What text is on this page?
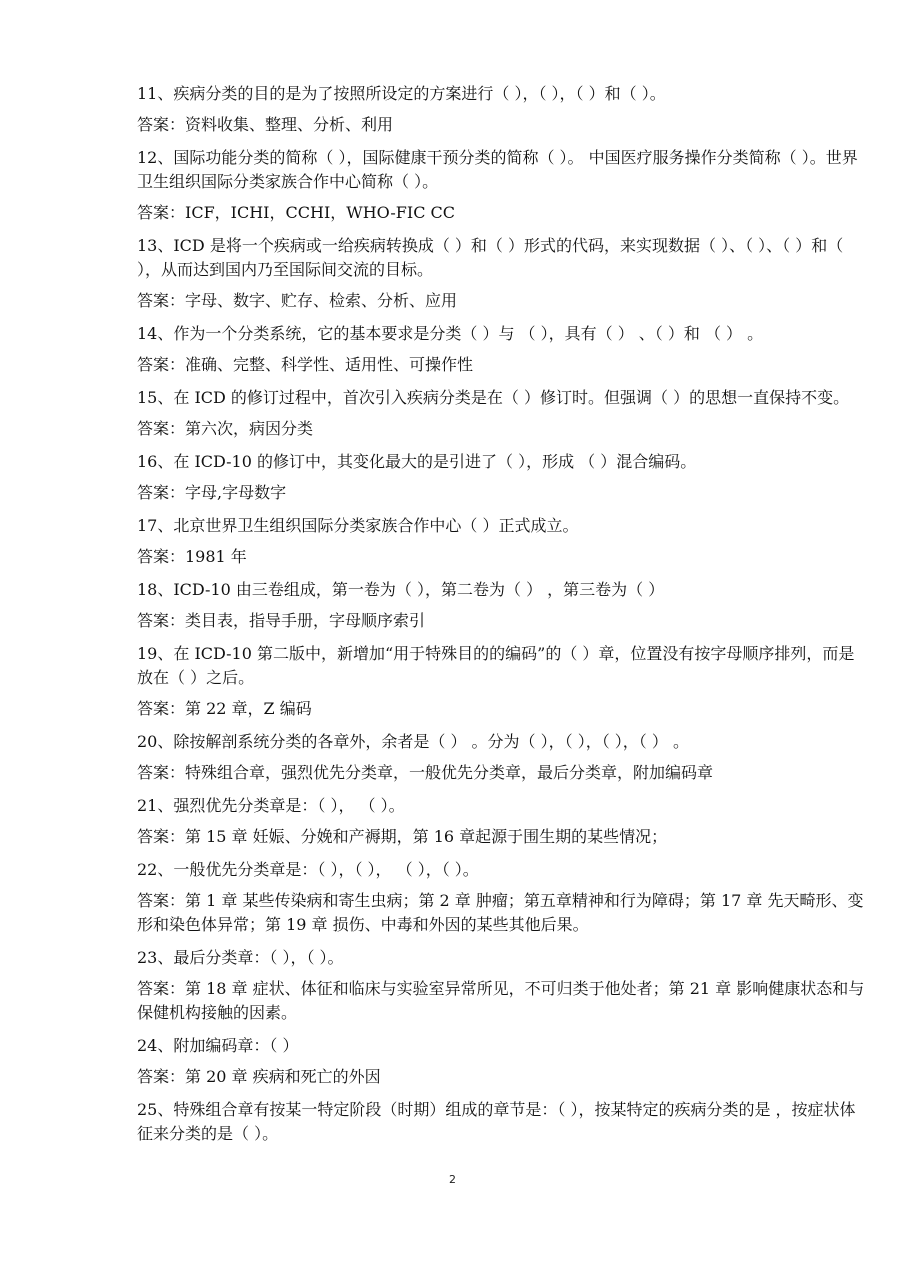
11、疾病分类的目的是为了按照所设定的方案进行（ ），（ ），（ ）和（ ）。

答案：资料收集、整理、分析、利用

12、国际功能分类的简称（ ），国际健康干预分类的简称（ ）。 中国医疗服务操作分类简称（ ）。世界卫生组织国际分类家族合作中心简称（ ）。

答案：ICF，ICHI，CCHI，WHO-FIC CC

13、ICD 是将一个疾病或一给疾病转换成（ ）和（ ）形式的代码，来实现数据（ ）、（ ）、（ ）和（ ），从而达到国内乃至国际间交流的目标。

答案：字母、数字、贮存、检索、分析、应用

14、作为一个分类系统，它的基本要求是分类（ ）与 （ ），具有（ ） 、（ ）和 （ ） 。

答案：准确、完整、科学性、适用性、可操作性

15、在 ICD 的修订过程中，首次引入疾病分类是在（ ）修订时。但强调（ ）的思想一直保持不变。

答案：第六次，病因分类

16、在 ICD-10 的修订中，其变化最大的是引进了（ ），形成 （ ）混合编码。

答案：字母,字母数字

17、北京世界卫生组织国际分类家族合作中心（ ）正式成立。

答案：1981 年

18、ICD-10 由三卷组成，第一卷为（ ），第二卷为（ ） ，第三卷为（ ）

答案：类目表，指导手册，字母顺序索引

19、在 ICD-10 第二版中，新增加“用于特殊目的的编码”的（ ）章，位置没有按字母顺序排列，而是放在（ ）之后。

答案：第 22 章，Z 编码

20、除按解剖系统分类的各章外，余者是（ ） 。分为（ ），（ ），（ ），（ ） 。

答案：特殊组合章，强烈优先分类章，一般优先分类章，最后分类章，附加编码章

21、强烈优先分类章是：（ ）， （ ）。

答案：第 15 章 妊娠、分娩和产褥期，第 16 章起源于围生期的某些情况；

22、一般优先分类章是：（ ），（ ）， （ ），（ ）。

答案：第 1 章 某些传染病和寄生虫病；第 2 章 肿瘤；第五章精神和行为障碍；第 17 章 先天畸形、变形和染色体异常；第 19 章 损伤、中毒和外因的某些其他后果。

23、最后分类章：（ ），（ ）。

答案：第 18 章 症状、体征和临床与实验室异常所见，不可归类于他处者；第 21 章 影响健康状态和与保健机构接触的因素。

24、附加编码章：（ ）

答案：第 20 章 疾病和死亡的外因

25、特殊组合章有按某一特定阶段（时期）组成的章节是：（ ），按某特定的疾病分类的是 ，按症状体征来分类的是（ ）。

2
